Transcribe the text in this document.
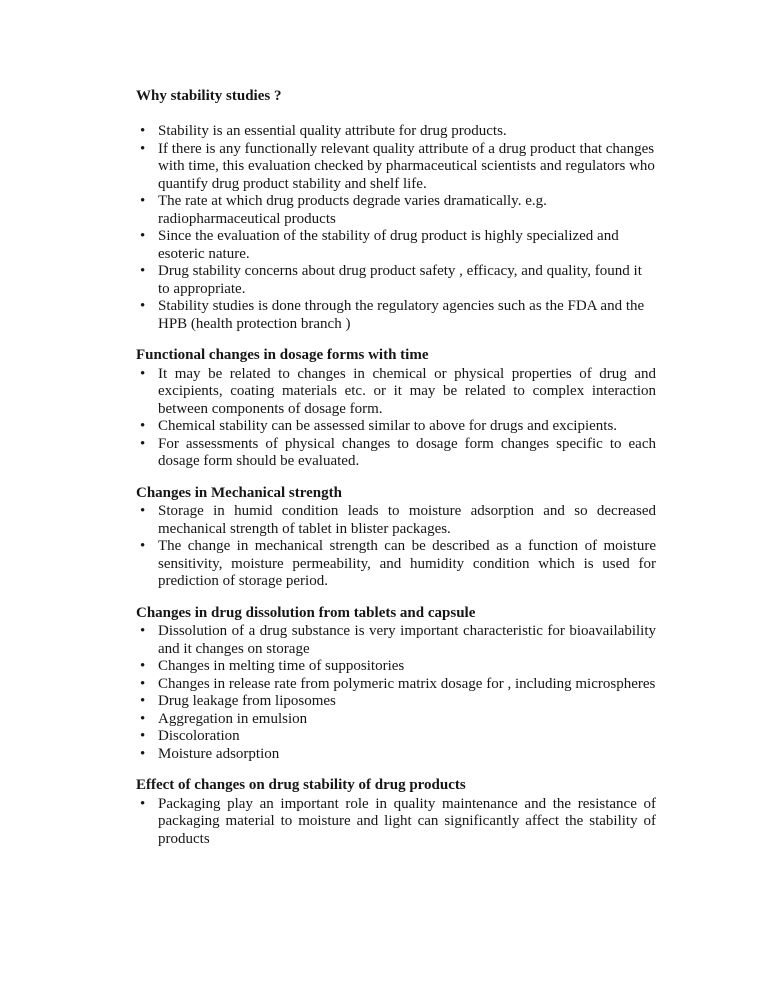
Why stability studies ?
• Stability is an essential quality attribute for drug products.
• If there is any functionally relevant quality attribute of a drug product that changes with time, this evaluation checked by pharmaceutical scientists and regulators who quantify drug product stability and shelf life.
• The rate at which drug products degrade varies dramatically. e.g. radiopharmaceutical products
• Since the evaluation of the stability of drug product is highly specialized and esoteric nature.
• Drug stability concerns about drug product safety , efficacy, and quality, found it to appropriate.
• Stability studies is done through the regulatory agencies such as the FDA and the HPB (health protection branch )
Functional changes in dosage forms with time
• It may be related to changes in chemical or physical properties of drug and excipients, coating materials etc. or it may be related to complex interaction between components of dosage form.
• Chemical stability can be assessed similar to above for drugs and excipients.
• For assessments of physical changes to dosage form changes specific to each dosage form should be evaluated.
Changes in Mechanical strength
• Storage in humid condition leads to moisture adsorption and so decreased mechanical strength of tablet in blister packages.
• The change in mechanical strength can be described as a function of moisture sensitivity, moisture permeability, and humidity condition which is used for prediction of storage period.
Changes in drug dissolution from tablets and capsule
• Dissolution of a drug substance is very important characteristic for bioavailability and it changes on storage
• Changes in melting time of suppositories
• Changes in release rate from polymeric matrix dosage for , including microspheres
• Drug leakage from liposomes
• Aggregation in emulsion
• Discoloration
• Moisture adsorption
Effect of changes on drug stability of drug products
• Packaging play an important role in quality maintenance and the resistance of packaging material to moisture and light can significantly affect the stability of products
